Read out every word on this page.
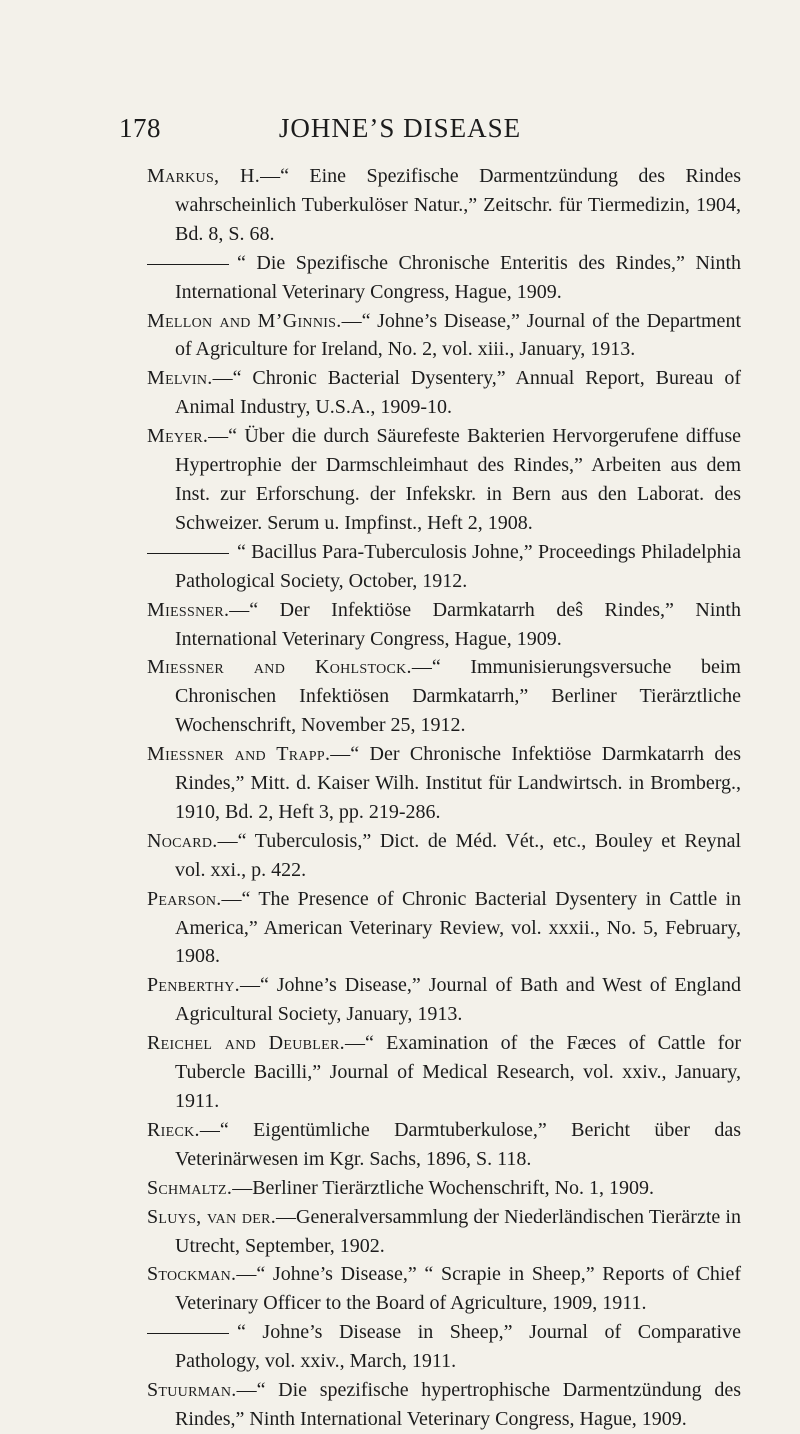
178	JOHNE’S DISEASE

Markus, H.—“ Eine Spezifische Darmentzündung des Rindes wahrscheinlich Tuberkulöser Natur.,” Zeitschr. für Tiermedizin, 1904, Bd. 8, S. 68.

“ Die Spezifische Chronische Enteritis des Rindes,” Ninth International Veterinary Congress, Hague, 1909.

Mellon and M’Ginnis.—“ Johne’s Disease,” Journal of the Department of Agriculture for Ireland, No. 2, vol. xiii., January, 1913.

Melvin.—“ Chronic Bacterial Dysentery,” Annual Report, Bureau of Animal Industry, U.S.A., 1909-10.

Meyer.—“ Über die durch Säurefeste Bakterien Hervorgerufene diffuse Hypertrophie der Darmschleimhaut des Rindes,” Arbeiten aus dem Inst. zur Erforschung. der Infekskr. in Bern aus den Laborat. des Schweizer. Serum u. Impfinst., Heft 2, 1908.

“ Bacillus Para-Tuberculosis Johne,” Proceedings Philadelphia Pathological Society, October, 1912.

Miessner.—“ Der Infektiöse Darmkatarrh deŝ Rindes,” Ninth International Veterinary Congress, Hague, 1909.

Miessner and Kohlstock.—“ Immunisierungsversuche beim Chronischen Infektiösen Darmkatarrh,” Berliner Tierärztliche Wochenschrift, November 25, 1912.

Miessner and Trapp.—“ Der Chronische Infektiöse Darmkatarrh des Rindes,” Mitt. d. Kaiser Wilh. Institut für Landwirtsch. in Bromberg., 1910, Bd. 2, Heft 3, pp. 219-286.

Nocard.—“ Tuberculosis,” Dict. de Méd. Vét., etc., Bouley et Reynal vol. xxi., p. 422.

Pearson.—“ The Presence of Chronic Bacterial Dysentery in Cattle in America,” American Veterinary Review, vol. xxxii., No. 5, February, 1908.

Penberthy.—“ Johne’s Disease,” Journal of Bath and West of England Agricultural Society, January, 1913.

Reichel and Deubler.—“ Examination of the Fæces of Cattle for Tubercle Bacilli,” Journal of Medical Research, vol. xxiv., January, 1911.

Rieck.—“ Eigentümliche Darmtuberkulose,” Bericht über das Veterinärwesen im Kgr. Sachs, 1896, S. 118.

Schmaltz.—Berliner Tierärztliche Wochenschrift, No. 1, 1909.

Sluys, van der.—Generalversammlung der Niederländischen Tierärzte in Utrecht, September, 1902.

Stockman.—“ Johne’s Disease,” “ Scrapie in Sheep,” Reports of Chief Veterinary Officer to the Board of Agriculture, 1909, 1911.

“ Johne’s Disease in Sheep,” Journal of Comparative Pathology, vol. xxiv., March, 1911.

Stuurman.—“ Die spezifische hypertrophische Darmentzündung des Rindes,” Ninth International Veterinary Congress, Hague, 1909.
